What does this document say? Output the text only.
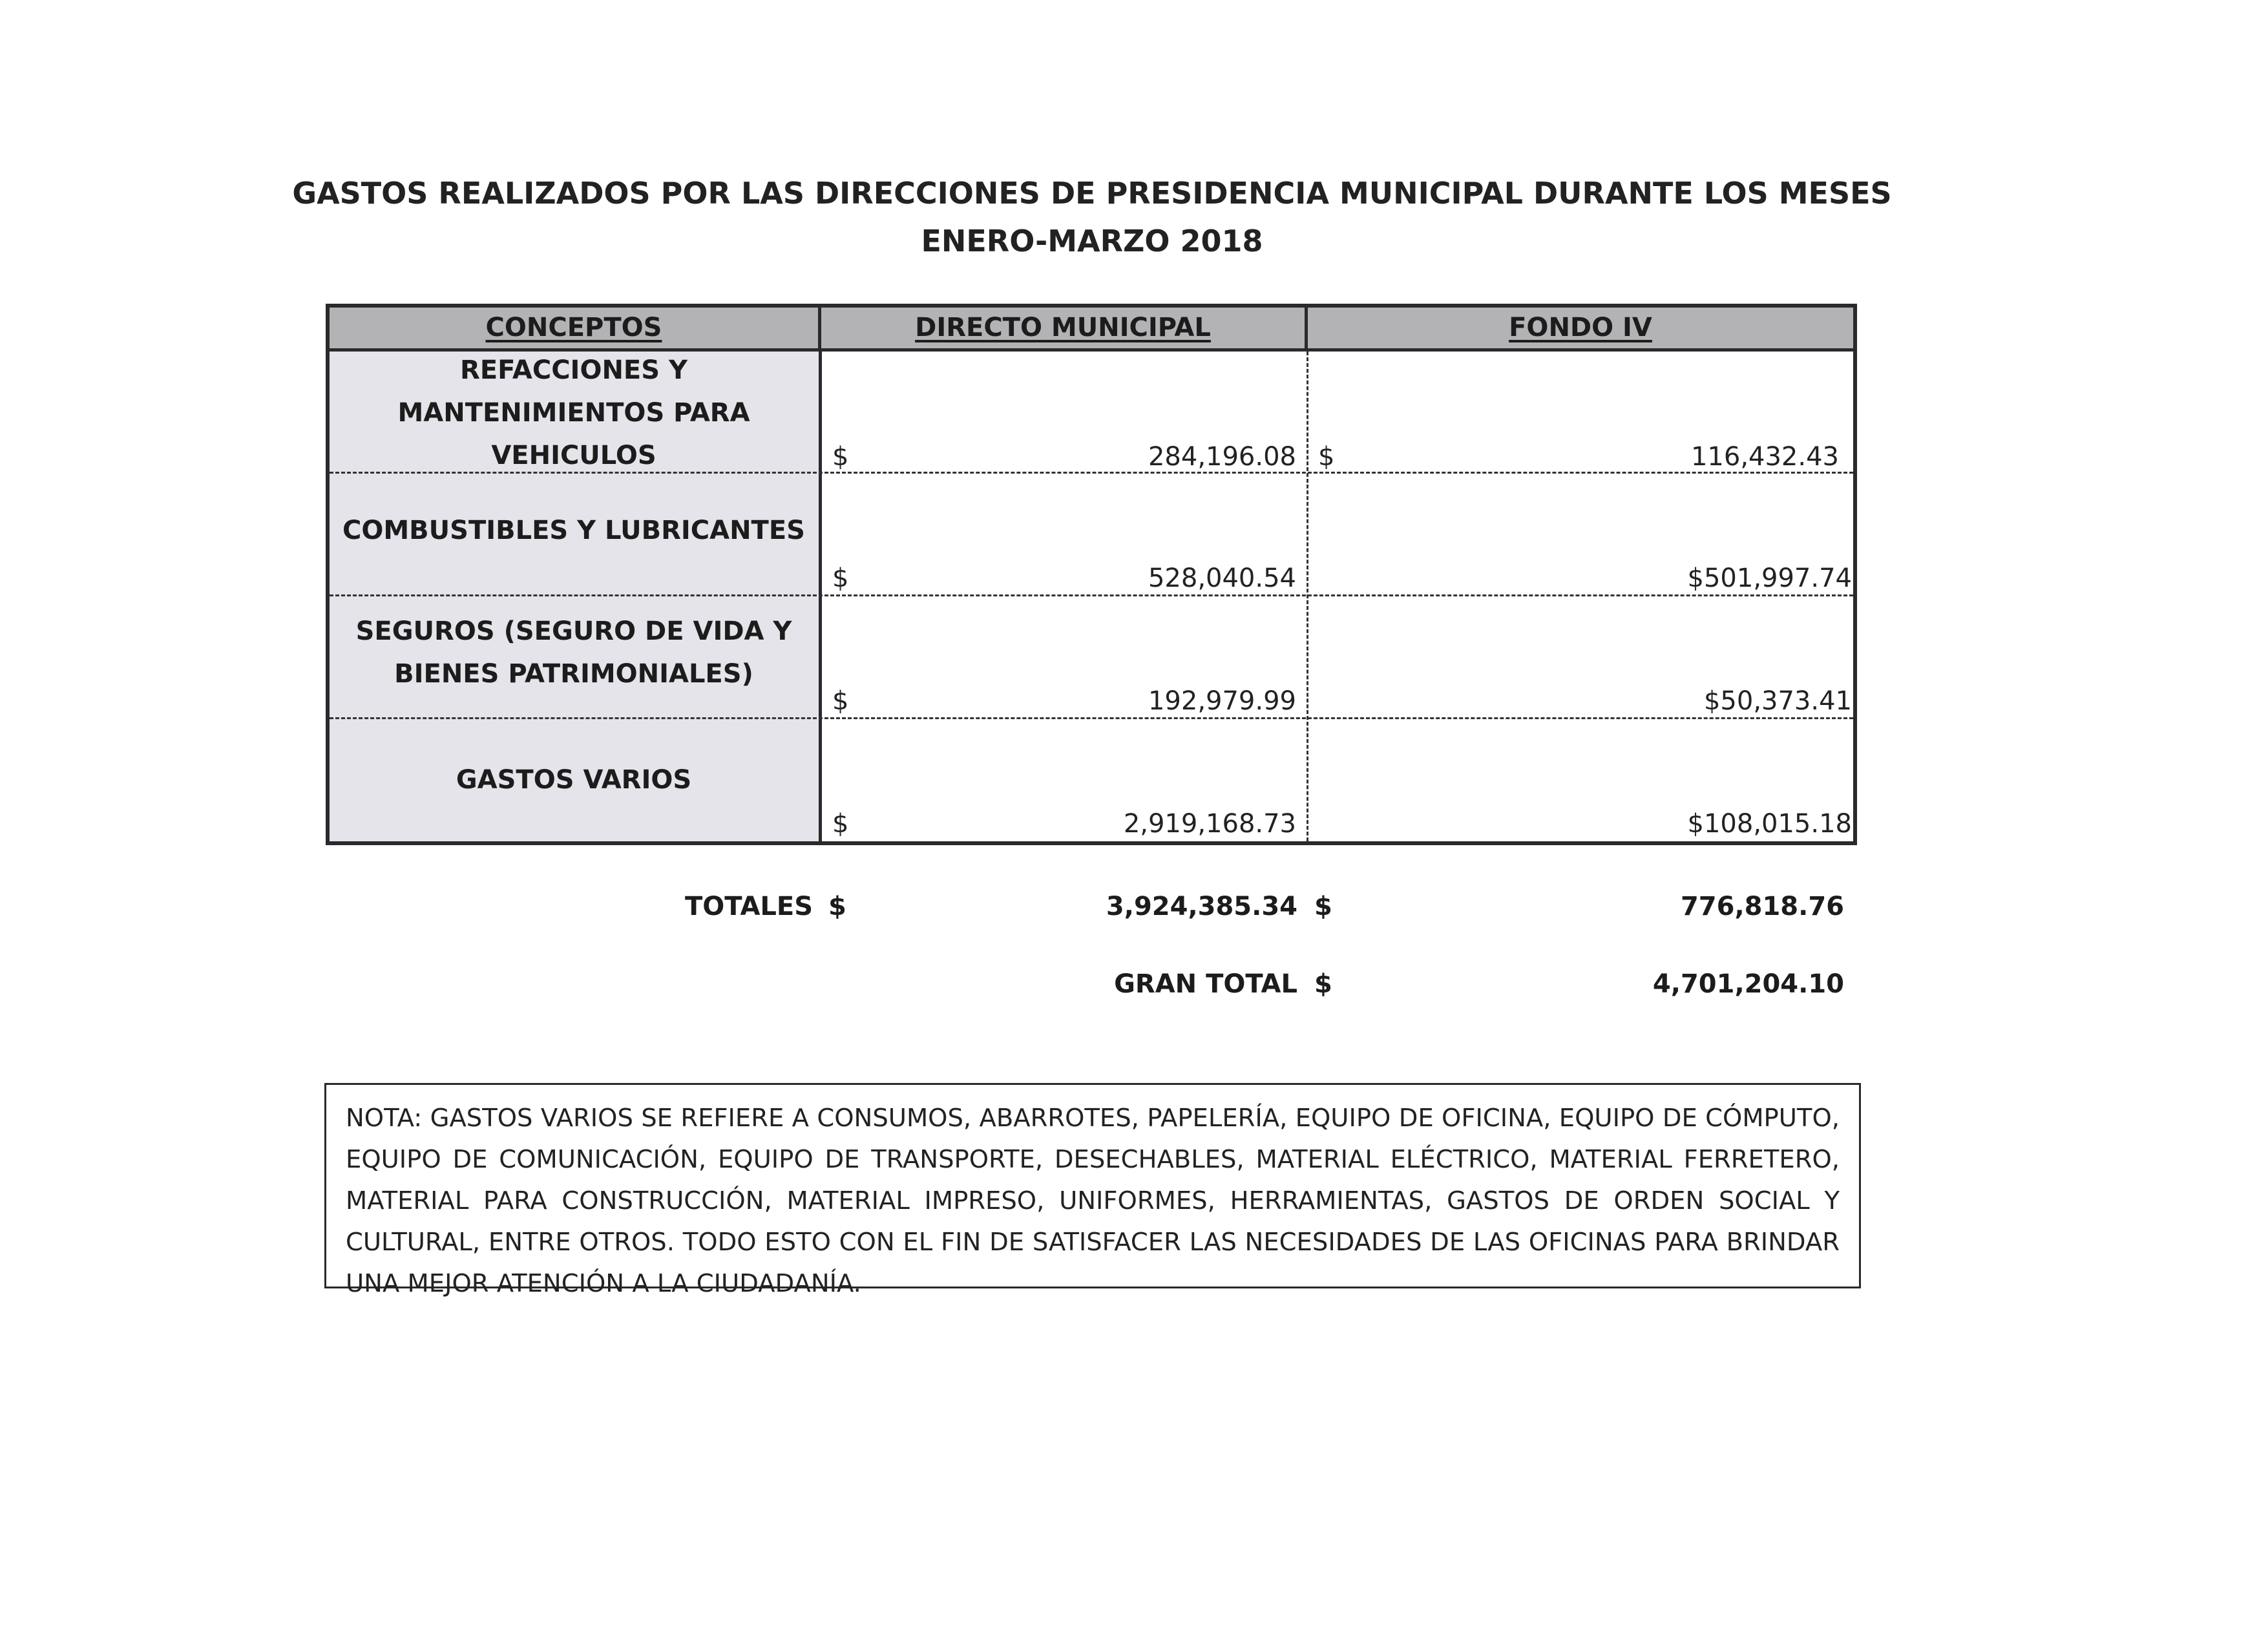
GASTOS REALIZADOS POR LAS DIRECCIONES DE PRESIDENCIA MUNICIPAL DURANTE LOS MESES
ENERO-MARZO 2018
CONCEPTOS	DIRECTO MUNICIPAL	FONDO IV
REFACCIONES Y
MANTENIMIENTOS PARA
VEHICULOS	$	284,196.08 $	116,432.43
COMBUSTIBLES Y LUBRICANTES
$	528,040.54	$501,997.74
SEGUROS (SEGURO DE VIDA Y
BIENES PATRIMONIALES)
$	192,979.99	$50,373.41
GASTOS VARIOS
$	2,919,168.73	$108,015.18
TOTALES $	3,924,385.34 $	776,818.76
GRAN TOTAL $	4,701,204.10
NOTA: GASTOS VARIOS SE REFIERE A CONSUMOS, ABARROTES, PAPELERÍA, EQUIPO DE OFICINA, EQUIPO DE CÓMPUTO, EQUIPO DE COMUNICACIÓN, EQUIPO DE TRANSPORTE, DESECHABLES, MATERIAL ELÉCTRICO, MATERIAL FERRETERO, MATERIAL PARA CONSTRUCCIÓN, MATERIAL IMPRESO, UNIFORMES, HERRAMIENTAS, GASTOS DE ORDEN SOCIAL Y CULTURAL, ENTRE OTROS. TODO ESTO CON EL FIN DE SATISFACER LAS NECESIDADES DE LAS OFICINAS PARA BRINDAR UNA MEJOR ATENCIÓN A LA CIUDADANÍA.
